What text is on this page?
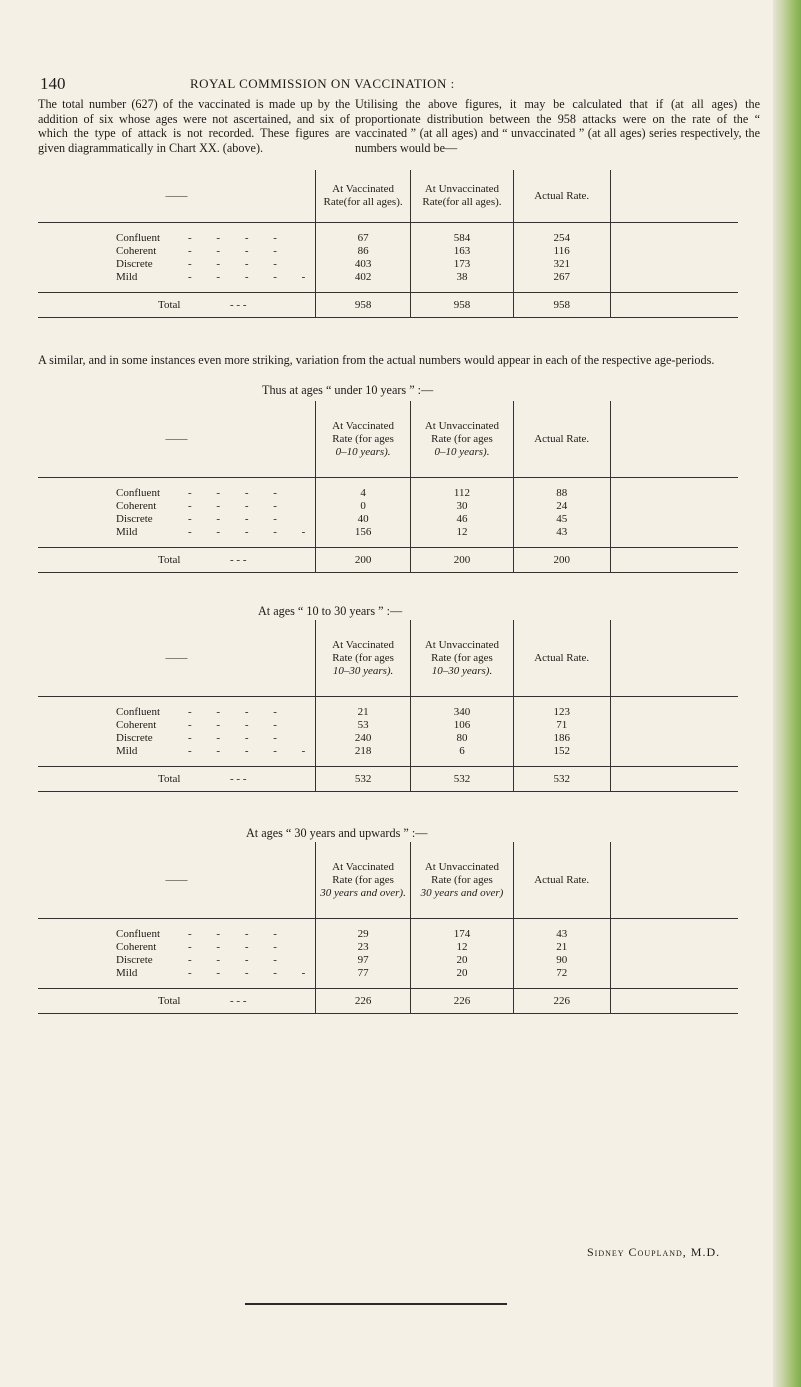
140	ROYAL COMMISSION ON VACCINATION :

The total number (627) of the vaccinated is made up by the addition of six whose ages were not ascertained, and six of which the type of attack is not recorded. These figures are given diagrammatically in Chart XX. (above).

Utilising the above figures, it may be calculated that if (at all ages) the proportionate distribution between the 958 attacks were on the rate of the “ vaccinated ” (at all ages) and “ unvaccinated ” (at all ages) series respectively, the numbers would be—

——	At Vaccinated Rate(for all ages).	At Unvaccinated Rate(for all ages).	Actual Rate.	

Confluent - - - -	67	584	254	
Coherent - - - -	86	163	116	
Discrete - - - -	403	173	321	
Mild - - - - -	402	38	267	

Total - - -	958	958	958	
A similar, and in some instances even more striking, variation from the actual numbers would appear in each of the respective age-periods.
Thus at ages “ under 10 years ” :—
——	At Vaccinated
Rate (for ages
0–10 years).	At Unvaccinated
Rate (for ages
0–10 years).	Actual Rate.	

Confluent - - - -	4	112	88	
Coherent - - - -	0	30	24	
Discrete - - - -	40	46	45	
Mild - - - - -	156	12	43	

Total - - -	200	200	200	
At ages “ 10 to 30 years ” :—
——	At Vaccinated
Rate (for ages
10–30 years).	At Unvaccinated
Rate (for ages
10–30 years).	Actual Rate.	

Confluent - - - -	21	340	123	
Coherent - - - -	53	106	71	
Discrete - - - -	240	80	186	
Mild - - - - -	218	6	152	

Total - - -	532	532	532	
At ages “ 30 years and upwards ” :—
——	At Vaccinated
Rate (for ages
30 years and over).	At Unvaccinated
Rate (for ages
30 years and over)	Actual Rate.	

Confluent - - - -	29	174	43	
Coherent - - - -	23	12	21	
Discrete - - - -	97	20	90	
Mild - - - - -	77	20	72	

Total - - -	226	226	226	
Sidney Coupland, M.D.
